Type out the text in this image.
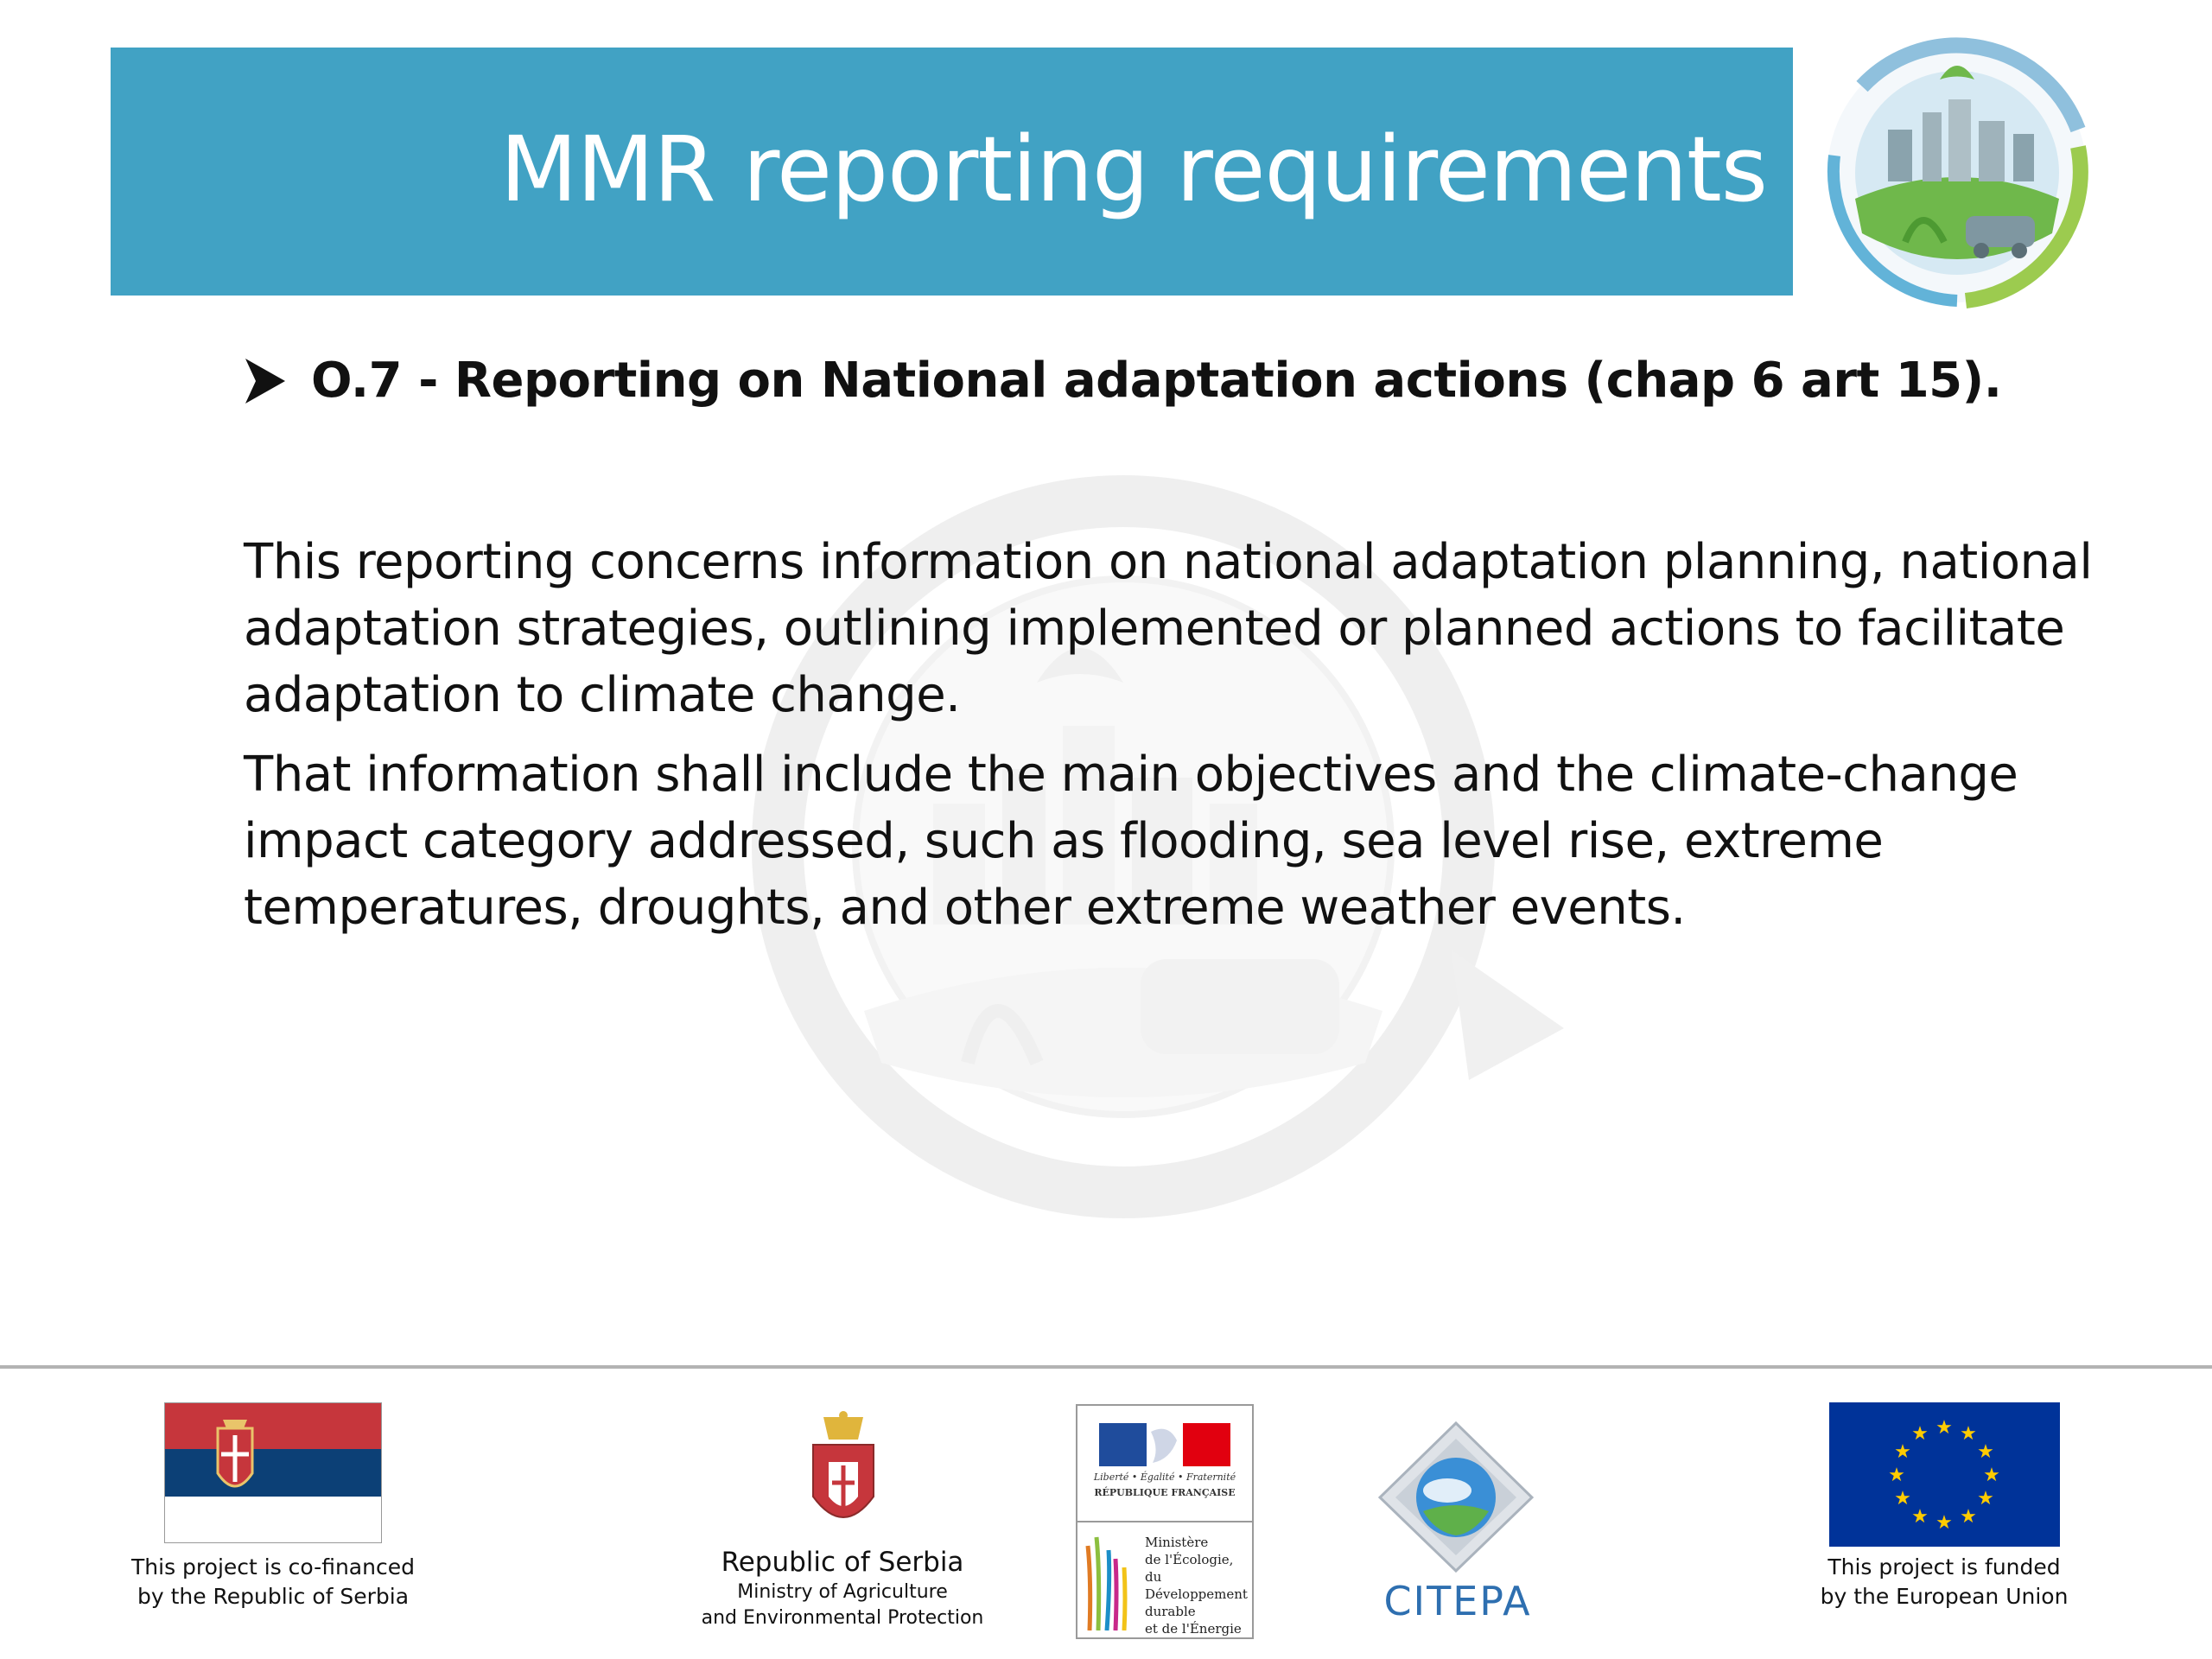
MMR reporting requirements
O.7 - Reporting on National adaptation actions (chap 6 art 15).

This reporting concerns information on national adaptation planning, national adaptation strategies, outlining implemented or planned actions to facilitate adaptation to climate change.

That information shall include the main objectives and the climate-change impact category addressed, such as flooding, sea level rise, extreme temperatures, droughts, and other extreme weather events.

This project is co-financed
by the Republic of Serbia
Republic of Serbia
Ministry of Agriculture
and Environmental Protection
Liberté • Égalité • Fraternité
RÉPUBLIQUE FRANÇAISE
Ministère
de l'Écologie,
du Développement
durable
et de l'Énergie
CITEPA
★ ★
★
★
★
★
★
★
★
★
★
★
This project is funded
by the European Union
